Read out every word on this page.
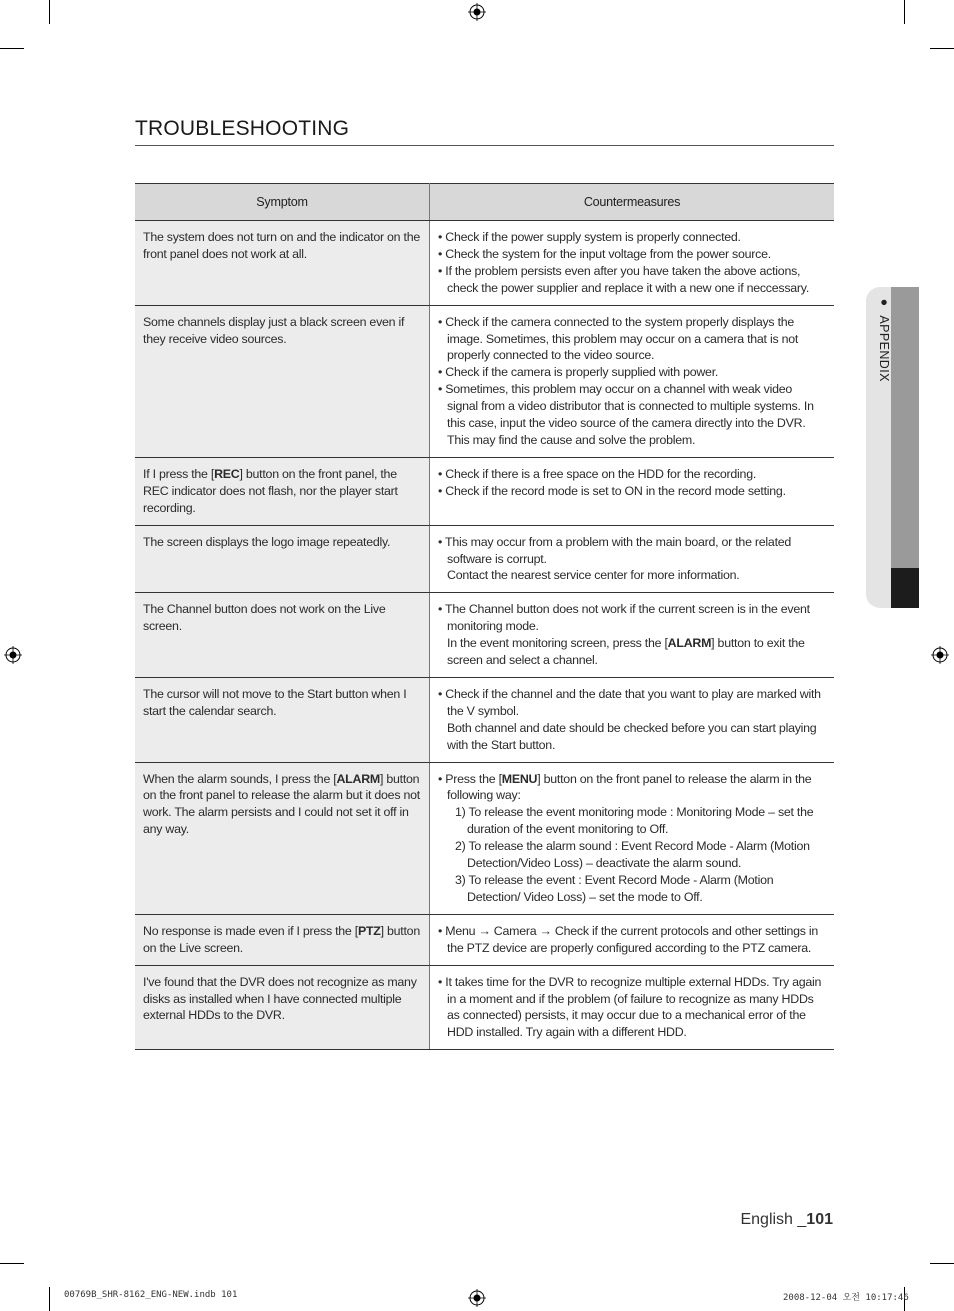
TROUBLESHOOTING
Symptom	Countermeasures
The system does not turn on and the indicator on the front panel does not work at all.	• Check if the power supply system is properly connected.
• Check the system for the input voltage from the power source.
• If the problem persists even after you have taken the above actions, check the power supplier and replace it with a new one if neccessary.

Some channels display just a black screen even if they receive video sources.	• Check if the camera connected to the system properly displays the image. Sometimes, this problem may occur on a camera that is not properly connected to the video source.
• Check if the camera is properly supplied with power.
• Sometimes, this problem may occur on a channel with weak video signal from a video distributor that is connected to multiple systems. In this case, input the video source of the camera directly into the DVR. This may find the cause and solve the problem.

If I press the [REC] button on the front panel, the REC indicator does not flash, nor the player start recording.	• Check if there is a free space on the HDD for the recording.
• Check if the record mode is set to ON in the record mode setting.

The screen displays the logo image repeatedly.	• This may occur from a problem with the main board, or the related software is corrupt.
Contact the nearest service center for more information.

The Channel button does not work on the Live screen.	• The Channel button does not work if the current screen is in the event monitoring mode.
In the event monitoring screen, press the [ALARM] button to exit the screen and select a channel.

The cursor will not move to the Start button when I start the calendar search.	• Check if the channel and the date that you want to play are marked with the V symbol.
Both channel and date should be checked before you can start playing with the Start button.

When the alarm sounds, I press the [ALARM] button on the front panel to release the alarm but it does not work. The alarm persists and I could not set it off in any way.	• Press the [MENU] button on the front panel to release the alarm in the following way:
1) To release the event monitoring mode : Monitoring Mode – set the duration of the event monitoring to Off.
2) To release the alarm sound : Event Record Mode - Alarm (Motion Detection/Video Loss) – deactivate the alarm sound.
3) To release the event : Event Record Mode - Alarm (Motion Detection/ Video Loss) – set the mode to Off.

No response is made even if I press the [PTZ] button on the Live screen.	• Menu → Camera → Check if the current protocols and other settings in the PTZ device are properly configured according to the PTZ camera.

I've found that the DVR does not recognize as many disks as installed when I have connected multiple external HDDs to the DVR.	• It takes time for the DVR to recognize multiple external HDDs. Try again in a moment and if the problem (of failure to recognize as many HDDs as connected) persists, it may occur due to a mechanical error of the HDD installed. Try again with a different HDD.
●APPENDIX
English _101
00769B_SHR-8162_ENG-NEW.indb 101	2008-12-04 오전 10:17:46
